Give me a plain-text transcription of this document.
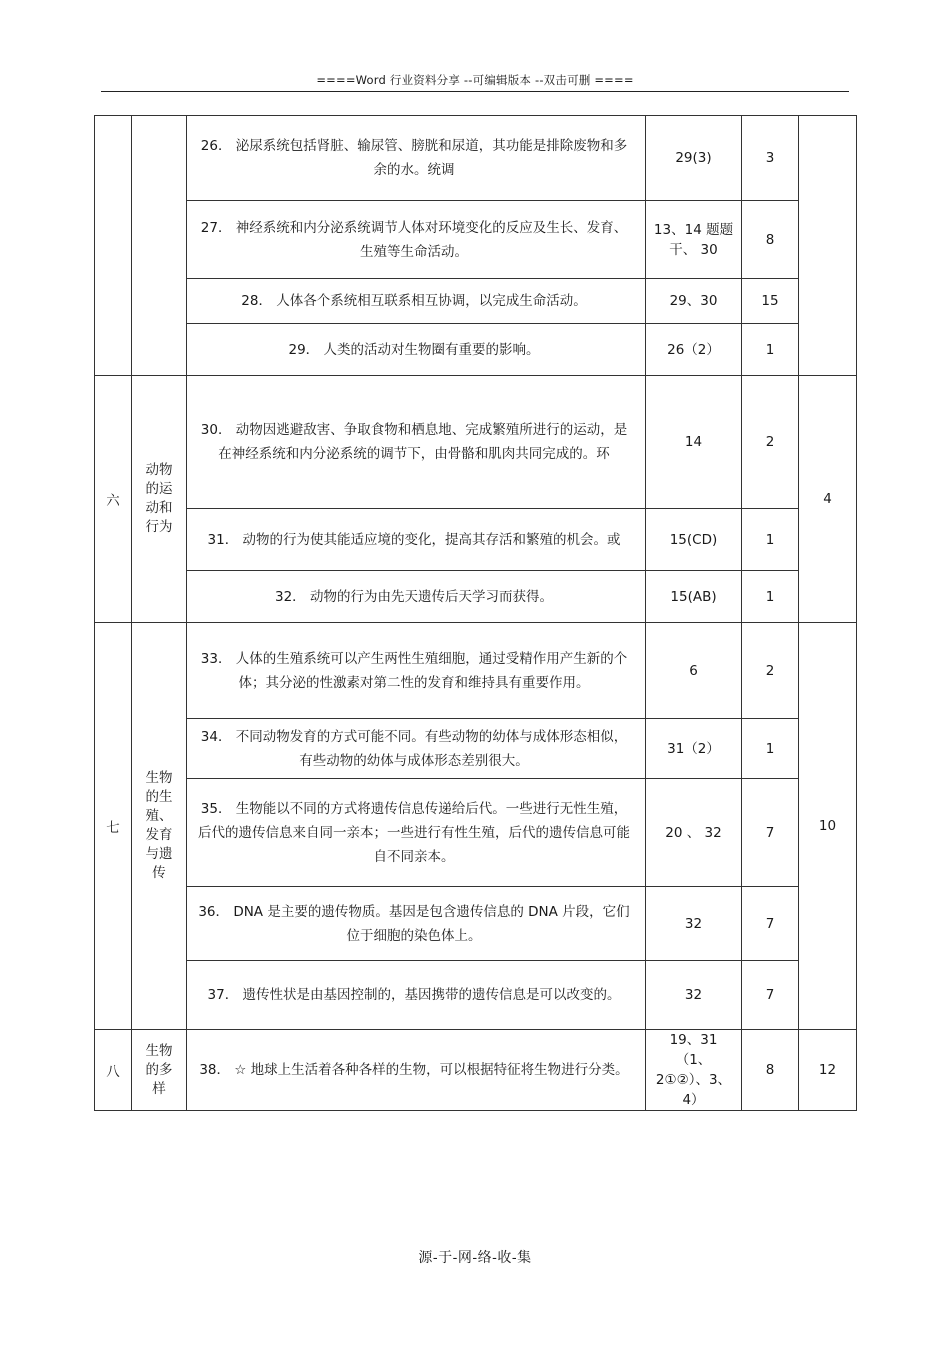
====Word 行业资料分享 --可编辑版本 --双击可删 ====
		26． 泌尿系统包括肾脏、输尿管、膀胱和尿道，其功能是排除废物和多余的水。统调	29(3)	3	
		27． 神经系统和内分泌系统调节人体对环境变化的反应及生长、发育、生殖等生命活动。	13、14 题题干、 30	8	
		28． 人体各个系统相互联系相互协调，以完成生命活动。	29、30	15	
		29． 人类的活动对生物圈有重要的影响。	26（2）	1	
六	动物的运动和行为	30． 动物因逃避敌害、争取食物和栖息地、完成繁殖所进行的运动，是在神经系统和内分泌系统的调节下，由骨骼和肌肉共同完成的。环	14	2	4
		31． 动物的行为使其能适应境的变化，提高其存活和繁殖的机会。或	15(CD)	1	
		32． 动物的行为由先天遗传后天学习而获得。	15(AB)	1	
七	生物的生殖、发育与遗传	33． 人体的生殖系统可以产生两性生殖细胞，通过受精作用产生新的个体；其分泌的性激素对第二性的发育和维持具有重要作用。	6	2	10
		34． 不同动物发育的方式可能不同。有些动物的幼体与成体形态相似，有些动物的幼体与成体形态差别很大。	31（2）	1	
		35． 生物能以不同的方式将遗传信息传递给后代。一些进行无性生殖，后代的遗传信息来自同一亲本；一些进行有性生殖，后代的遗传信息可能自不同亲本。	20 、 32	7	
		36． DNA 是主要的遗传物质。基因是包含遗传信息的 DNA 片段，它们位于细胞的染色体上。	32	7	
		37． 遗传性状是由基因控制的，基因携带的遗传信息是可以改变的。	32	7	
八	生物的多样	38． ☆ 地球上生活着各种各样的生物，可以根据特征将生物进行分类。	19、31（1、2①②）、3、4）	8	12
源-于-网-络-收-集
